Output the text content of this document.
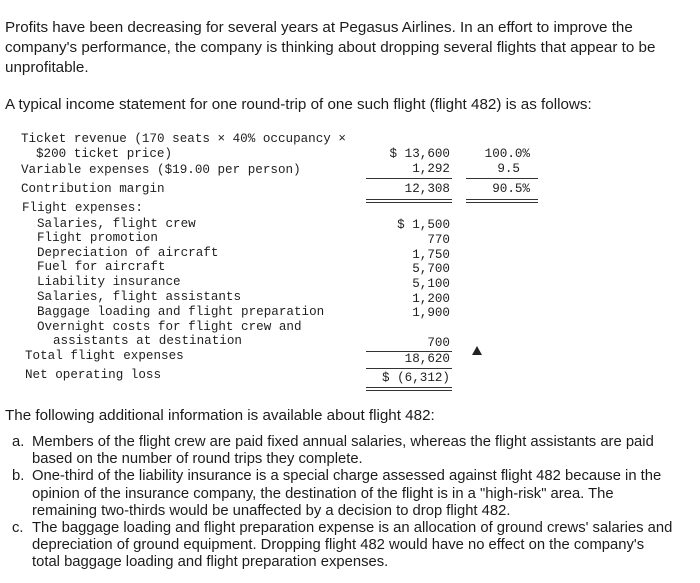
Profits have been decreasing for several years at Pegasus Airlines. In an effort to improve the company's performance, the company is thinking about dropping several flights that appear to be unprofitable.

A typical income statement for one round-trip of one such flight (flight 482) is as follows:

Ticket revenue (170 seats × 40% occupancy ×
$200 ticket price)	$ 13,600	100.0%
Variable expenses ($19.00 per person)	1,292	9.5
Contribution margin	12,308	90.5%
Flight expenses:
Salaries, flight crew	$ 1,500
Flight promotion	770
Depreciation of aircraft	1,750
Fuel for aircraft	5,700
Liability insurance	5,100
Salaries, flight assistants	1,200
Baggage loading and flight preparation	1,900
Overnight costs for flight crew and
assistants at destination	700
Total flight expenses	18,620
Net operating loss	$ (6,312)

The following additional information is available about flight 482:

a. Members of the flight crew are paid fixed annual salaries, whereas the flight assistants are paid based on the number of round trips they complete.
b. One-third of the liability insurance is a special charge assessed against flight 482 because in the opinion of the insurance company, the destination of the flight is in a "high-risk" area. The remaining two-thirds would be unaffected by a decision to drop flight 482.
c. The baggage loading and flight preparation expense is an allocation of ground crews' salaries and depreciation of ground equipment. Dropping flight 482 would have no effect on the company's total baggage loading and flight preparation expenses.
